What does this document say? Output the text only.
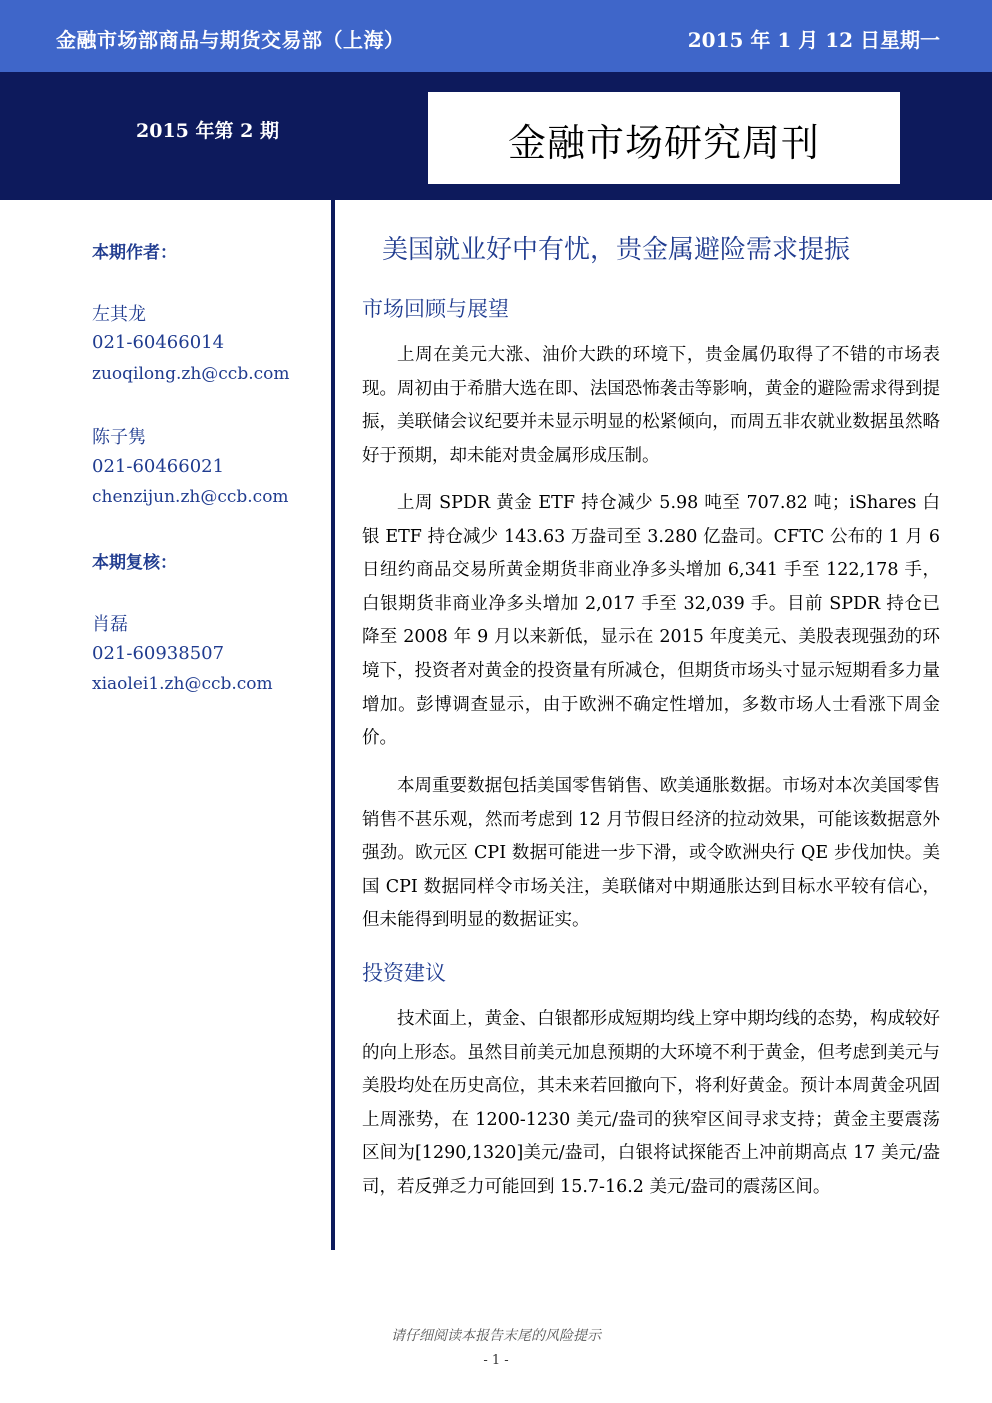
金融市场部商品与期货交易部（上海）	2015 年 1 月 12 日星期一
2015 年第 2 期	金融市场研究周刊
本期作者：
左其龙
021-60466014
zuoqilong.zh@ccb.com
陈子隽
021-60466021
chenzijun.zh@ccb.com
本期复核：
肖磊
021-60938507
xiaolei1.zh@ccb.com
美国就业好中有忧，贵金属避险需求提振
市场回顾与展望
上周在美元大涨、油价大跌的环境下，贵金属仍取得了不错的市场表现。周初由于希腊大选在即、法国恐怖袭击等影响，黄金的避险需求得到提振，美联储会议纪要并未显示明显的松紧倾向，而周五非农就业数据虽然略好于预期，却未能对贵金属形成压制。
上周 SPDR 黄金 ETF 持仓减少 5.98 吨至 707.82 吨；iShares 白银 ETF 持仓减少 143.63 万盎司至 3.280 亿盎司。CFTC 公布的 1 月 6 日纽约商品交易所黄金期货非商业净多头增加 6,341 手至 122,178 手，白银期货非商业净多头增加 2,017 手至 32,039 手。目前 SPDR 持仓已降至 2008 年 9 月以来新低，显示在 2015 年度美元、美股表现强劲的环境下，投资者对黄金的投资量有所减仓，但期货市场头寸显示短期看多力量增加。彭博调查显示，由于欧洲不确定性增加，多数市场人士看涨下周金价。
本周重要数据包括美国零售销售、欧美通胀数据。市场对本次美国零售销售不甚乐观，然而考虑到 12 月节假日经济的拉动效果，可能该数据意外强劲。欧元区 CPI 数据可能进一步下滑，或令欧洲央行 QE 步伐加快。美国 CPI 数据同样令市场关注，美联储对中期通胀达到目标水平较有信心，但未能得到明显的数据证实。
投资建议
技术面上，黄金、白银都形成短期均线上穿中期均线的态势，构成较好的向上形态。虽然目前美元加息预期的大环境不利于黄金，但考虑到美元与美股均处在历史高位，其未来若回撤向下，将利好黄金。预计本周黄金巩固上周涨势，在 1200-1230 美元/盎司的狭窄区间寻求支持；黄金主要震荡区间为[1290,1320]美元/盎司，白银将试探能否上冲前期高点 17 美元/盎司，若反弹乏力可能回到 15.7-16.2 美元/盎司的震荡区间。
请仔细阅读本报告末尾的风险提示
- 1 -
